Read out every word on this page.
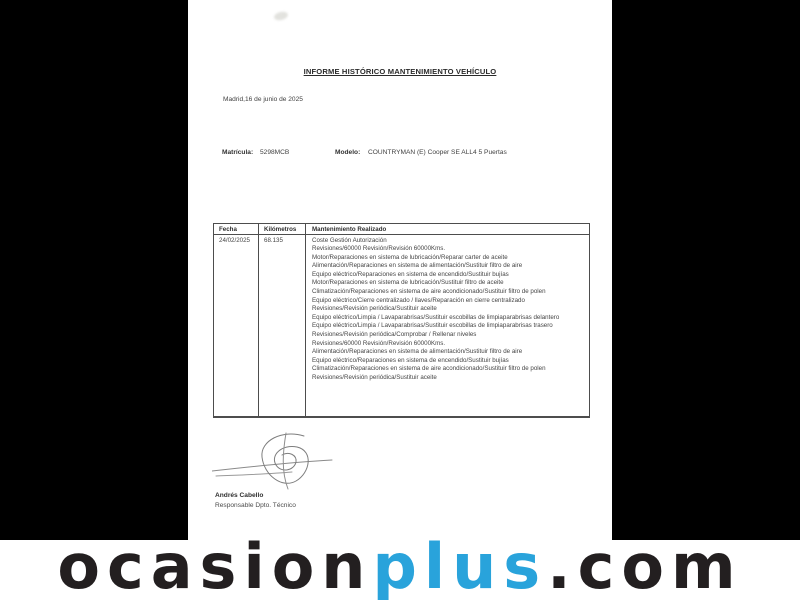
INFORME HISTÓRICO MANTENIMIENTO VEHÍCULO
Madrid,16 de junio de 2025
Matrícula: 5298MCB	Modelo: COUNTRYMAN (E) Cooper SE ALL4 5 Puertas
Fecha	Kilómetros	Mantenimiento Realizado
24/02/2025	68.135	Coste Gestión Autorización
Revisiones/60000 Revisión/Revisión 60000Kms.
Motor/Reparaciones en sistema de lubricación/Reparar carter de aceite
Alimentación/Reparaciones en sistema de alimentación/Sustituir filtro de aire
Equipo eléctrico/Reparaciones en sistema de encendido/Sustituir bujías
Motor/Reparaciones en sistema de lubricación/Sustituir filtro de aceite
Climatización/Reparaciones en sistema de aire acondicionado/Sustituir filtro de polen
Equipo eléctrico/Cierre centralizado / llaves/Reparación en cierre centralizado
Revisiones/Revisión periódica/Sustituir aceite
Equipo eléctrico/Limpia / Lavaparabrisas/Sustituir escobillas de limpiaparabrisas delantero
Equipo eléctrico/Limpia / Lavaparabrisas/Sustituir escobillas de limpiaparabrisas trasero
Revisiones/Revisión periódica/Comprobar / Rellenar niveles
Revisiones/60000 Revisión/Revisión 60000Kms.
Alimentación/Reparaciones en sistema de alimentación/Sustituir filtro de aire
Equipo eléctrico/Reparaciones en sistema de encendido/Sustituir bujías
Climatización/Reparaciones en sistema de aire acondicionado/Sustituir filtro de polen
Revisiones/Revisión periódica/Sustituir aceite
Andrés Cabello
Responsable Dpto. Técnico
ocasionplus.com
